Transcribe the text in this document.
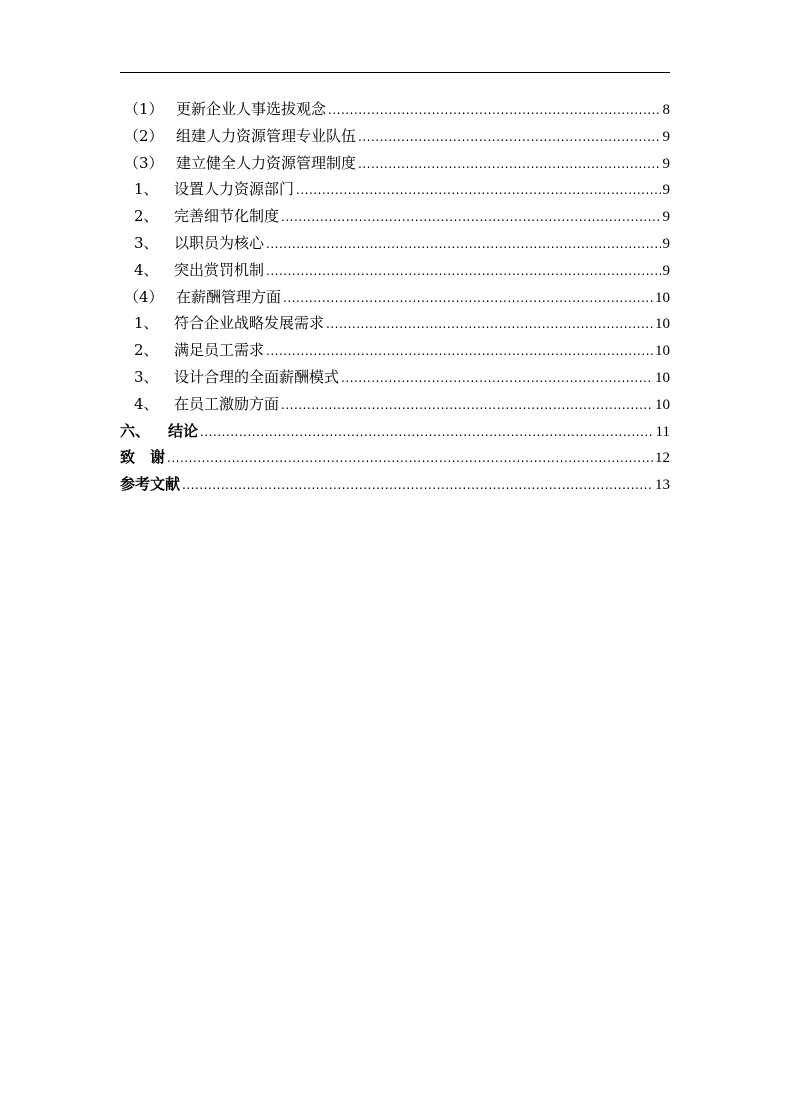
（1） 更新企业人事选拔观念 .....	8
（2） 组建人力资源管理专业队伍 .....	9
（3） 建立健全人力资源管理制度 .....	9
1、	设置人力资源部门 .....	9
2、	完善细节化制度 .....	9
3、	以职员为核心 .....	9
4、	突出赏罚机制 .....	9
（4） 在薪酬管理方面 .....	10
1、	符合企业战略发展需求 .....	10
2、	满足员工需求 .....	10
3、	设计合理的全面薪酬模式 .....	10
4、	在员工激励方面 .....	10
六、	结论 .....	11
致　谢 .....	12
参考文献 .....	13
